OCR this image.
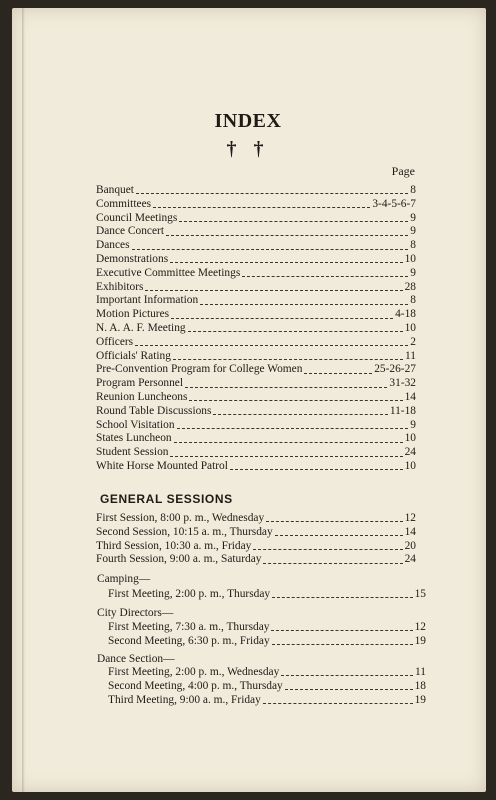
INDEX
† †
Page
Banquet	8
Committees	3-4-5-6-7
Council Meetings	9
Dance Concert	9
Dances	8
Demonstrations	10
Executive Committee Meetings	9
Exhibitors	28
Important Information	8
Motion Pictures	4-18
N. A. A. F. Meeting	10
Officers	2
Officials' Rating	11
Pre-Convention Program for College Women	25-26-27
Program Personnel	31-32
Reunion Luncheons	14
Round Table Discussions	11-18
School Visitation	9
States Luncheon	10
Student Session	24
White Horse Mounted Patrol	10
GENERAL SESSIONS
First Session, 8:00 p. m., Wednesday	12
Second Session, 10:15 a. m., Thursday	14
Third Session, 10:30 a. m., Friday	20
Fourth Session, 9:00 a. m., Saturday	24
Camping—
First Meeting, 2:00 p. m., Thursday	15
City Directors—
First Meeting, 7:30 a. m., Thursday	12
Second Meeting, 6:30 p. m., Friday	19
Dance Section—
First Meeting, 2:00 p. m., Wednesday	11
Second Meeting, 4:00 p. m., Thursday	18
Third Meeting, 9:00 a. m., Friday	19
